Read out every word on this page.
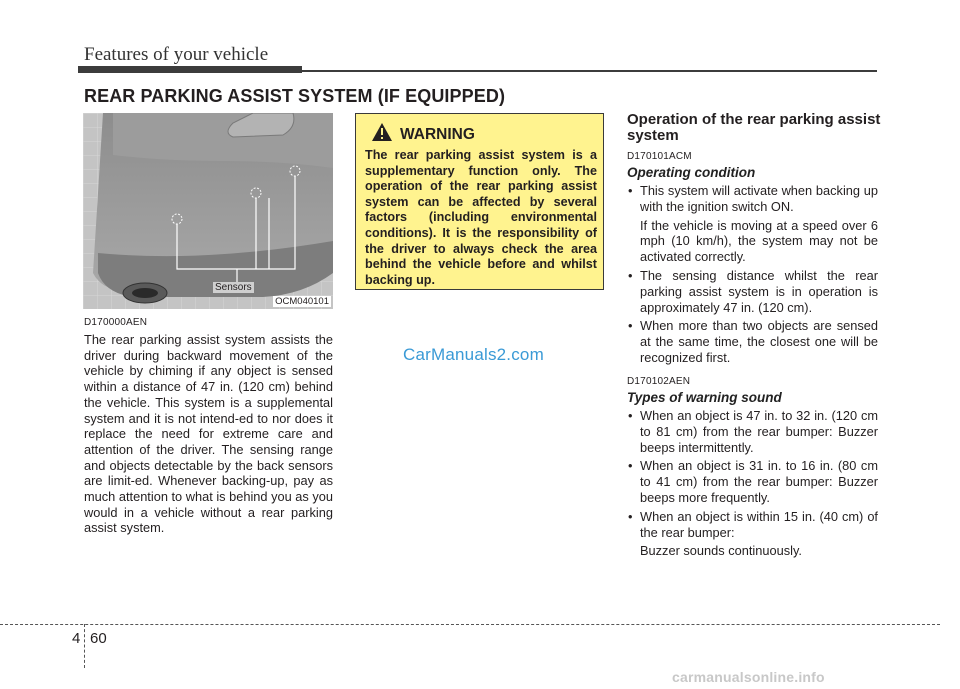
Features of your vehicle
REAR PARKING ASSIST SYSTEM (IF EQUIPPED)
Sensors
OCM040101
D170000AEN
The rear parking assist system assists the driver during backward movement of the vehicle by chiming if any object is sensed within a distance of 47 in. (120 cm) behind the vehicle. This system is a supplemental system and it is not intend-ed to nor does it replace the need for extreme care and attention of the driver. The sensing range and objects detectable by the back sensors are limit-ed. Whenever backing-up, pay as much attention to what is behind you as you would in a vehicle without a rear parking assist system.
WARNING
The rear parking assist system is a supplementary function only. The operation of the rear parking assist system can be affected by several factors (including environmental conditions). It is the responsibility of the driver to always check the area behind the vehicle before and whilst backing up.
CarManuals2.com
Operation of the rear parking assist system
D170101ACM
Operating condition
• This system will activate when backing up with the ignition switch ON.
If the vehicle is moving at a speed over 6 mph (10 km/h), the system may not be activated correctly.
• The sensing distance whilst the rear parking assist system is in operation is approximately 47 in. (120 cm).
• When more than two objects are sensed at the same time, the closest one will be recognized first.
D170102AEN
Types of warning sound
• When an object is 47 in. to 32 in. (120 cm to 81 cm) from the rear bumper: Buzzer beeps intermittently.
• When an object is 31 in. to 16 in. (80 cm to 41 cm) from the rear bumper: Buzzer beeps more frequently.
• When an object is within 15 in. (40 cm) of the rear bumper:
Buzzer sounds continuously.
4 60
carmanualsonline.info
